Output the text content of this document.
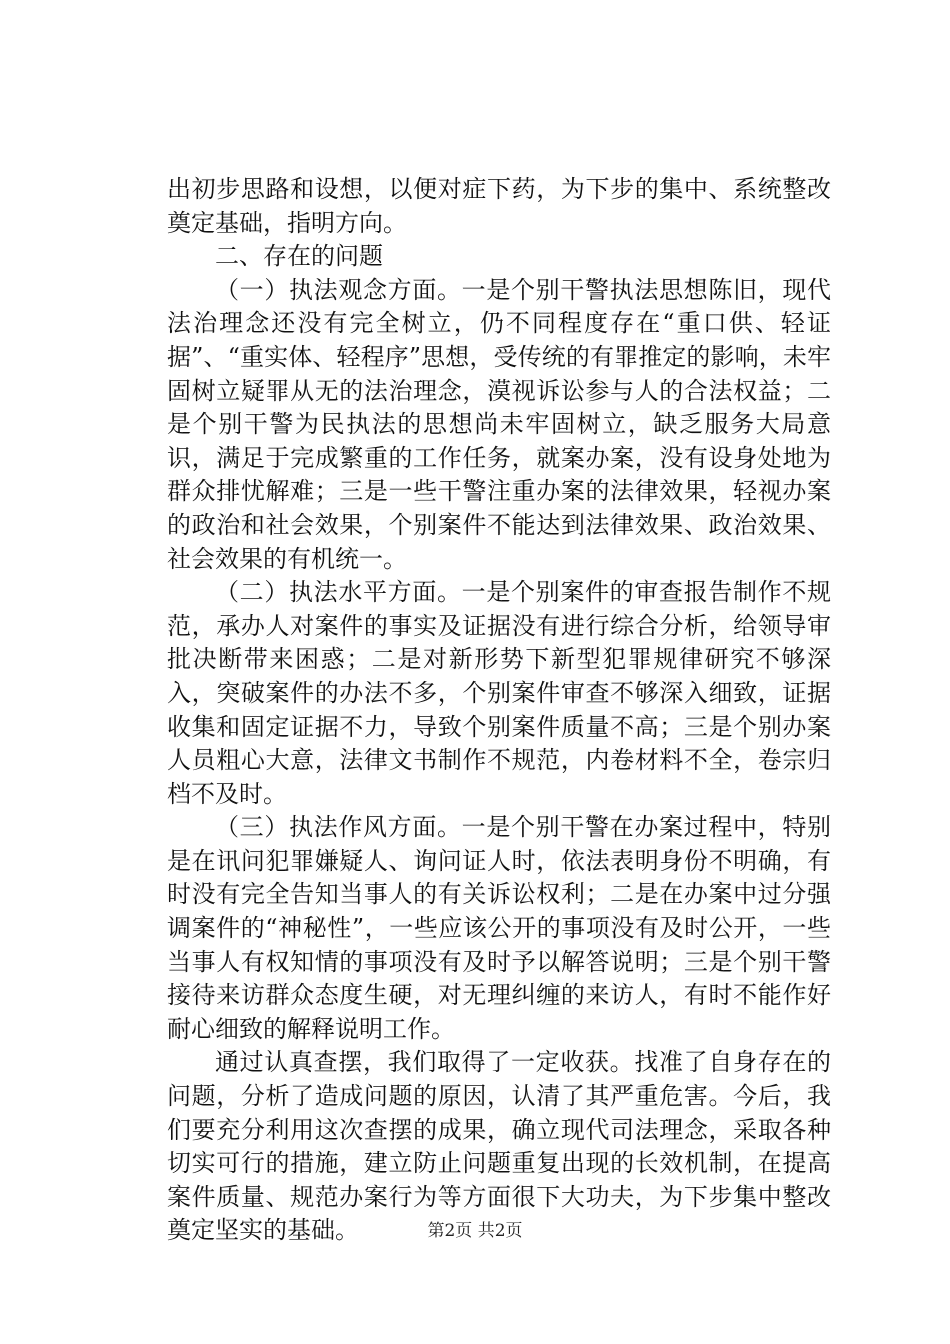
出初步思路和设想，以便对症下药，为下步的集中、系统整改奠定基础，指明方向。

二、存在的问题

（一）执法观念方面。一是个别干警执法思想陈旧，现代法治理念还没有完全树立，仍不同程度存在“重口供、轻证据”、“重实体、轻程序”思想，受传统的有罪推定的影响，未牢固树立疑罪从无的法治理念，漠视诉讼参与人的合法权益；二是个别干警为民执法的思想尚未牢固树立，缺乏服务大局意识，满足于完成繁重的工作任务，就案办案，没有设身处地为群众排忧解难；三是一些干警注重办案的法律效果，轻视办案的政治和社会效果，个别案件不能达到法律效果、政治效果、社会效果的有机统一。

（二）执法水平方面。一是个别案件的审查报告制作不规范，承办人对案件的事实及证据没有进行综合分析，给领导审批决断带来困惑；二是对新形势下新型犯罪规律研究不够深入，突破案件的办法不多，个别案件审查不够深入细致，证据收集和固定证据不力，导致个别案件质量不高；三是个别办案人员粗心大意，法律文书制作不规范，内卷材料不全，卷宗归档不及时。

（三）执法作风方面。一是个别干警在办案过程中，特别是在讯问犯罪嫌疑人、询问证人时，依法表明身份不明确，有时没有完全告知当事人的有关诉讼权利；二是在办案中过分强调案件的“神秘性”，一些应该公开的事项没有及时公开，一些当事人有权知情的事项没有及时予以解答说明；三是个别干警接待来访群众态度生硬，对无理纠缠的来访人，有时不能作好耐心细致的解释说明工作。

通过认真查摆，我们取得了一定收获。找准了自身存在的问题，分析了造成问题的原因，认清了其严重危害。今后，我们要充分利用这次查摆的成果，确立现代司法理念，采取各种切实可行的措施，建立防止问题重复出现的长效机制，在提高案件质量、规范办案行为等方面很下大功夫，为下步集中整改奠定坚实的基础。	第2页 共2页
